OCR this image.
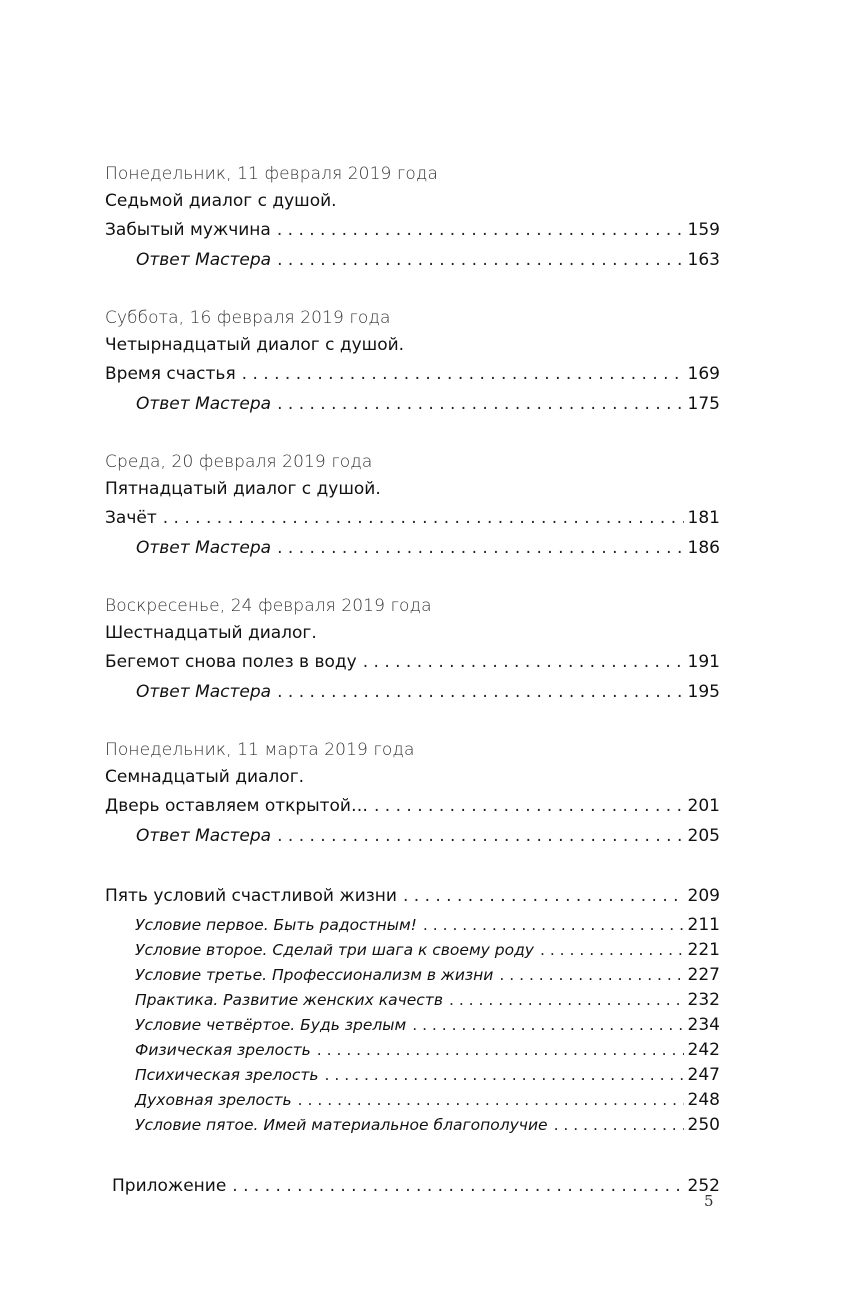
Понедельник, 11 февраля 2019 года
Седьмой диалог с душой.
Забытый мужчина . . .	159
Ответ Мастера . . .	163
Суббота, 16 февраля 2019 года
Четырнадцатый диалог с душой.
Время счастья . . .	169
Ответ Мастера . . .	175
Среда, 20 февраля 2019 года
Пятнадцатый диалог с душой.
Зачёт . . .	181
Ответ Мастера . . .	186
Воскресенье, 24 февраля 2019 года
Шестнадцатый диалог.
Бегемот снова полез в воду . . .	191
Ответ Мастера . . .	195
Понедельник, 11 марта 2019 года
Семнадцатый диалог.
Дверь оставляем открытой… . . .	201
Ответ Мастера . . .	205
Пять условий счастливой жизни . . .	209
Условие первое. Быть радостным! . . .	211
Условие второе. Сделай три шага к своему роду . . .	221
Условие третье. Профессионализм в жизни . . .	227
Практика. Развитие женских качеств . . .	232
Условие четвёртое. Будь зрелым . . .	234
Физическая зрелость . . .	242
Психическая зрелость . . .	247
Духовная зрелость . . .	248
Условие пятое. Имей материальное благополучие . . .	250
Приложение . . .	252
5
